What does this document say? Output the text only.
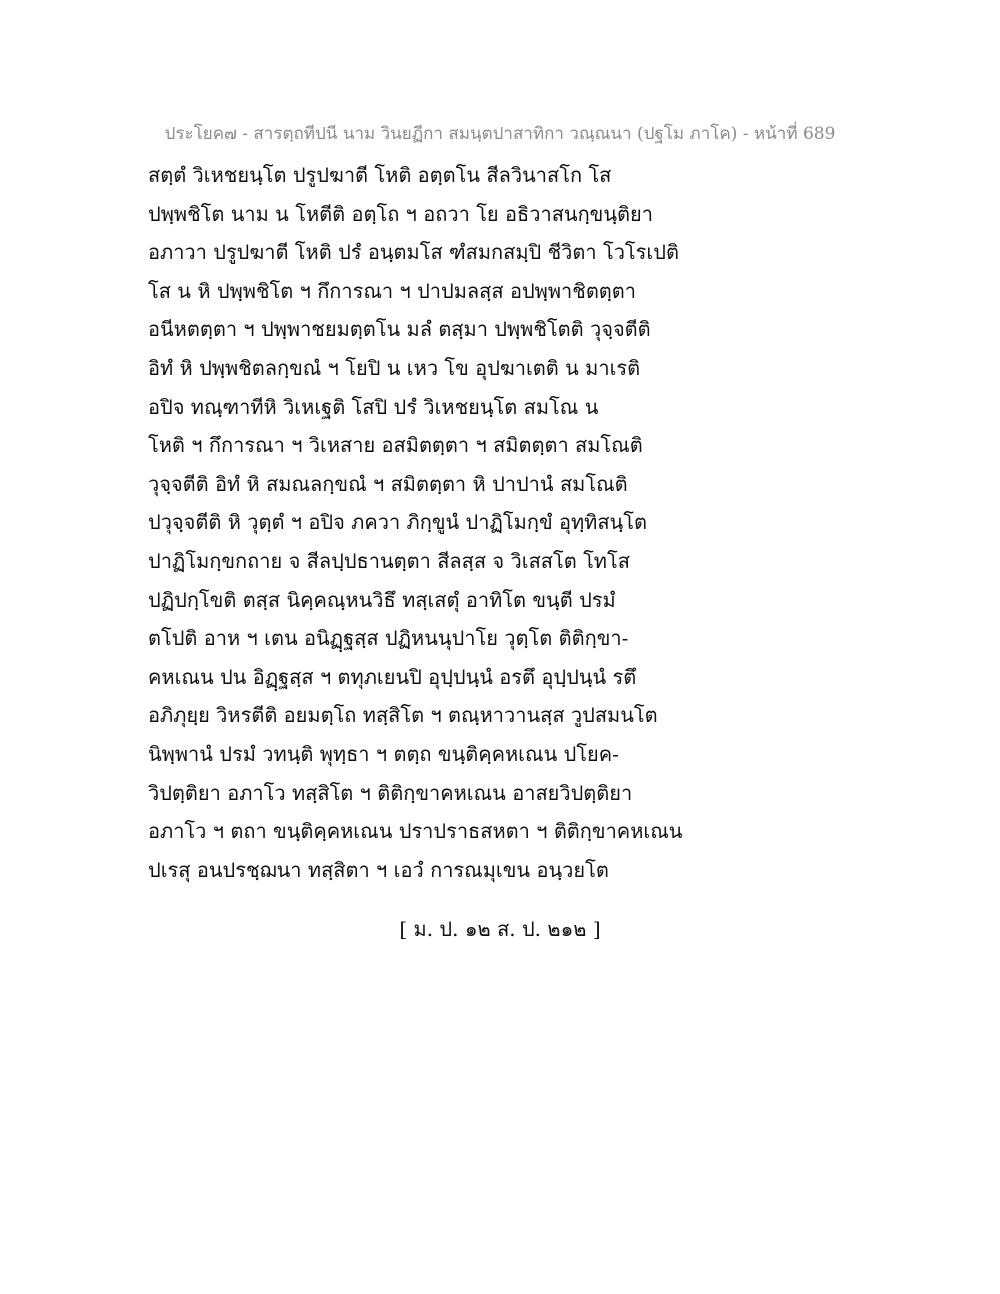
ประโยค๗ - สารตฺถทีปนี นาม วินยฏีกา สมนฺตปาสาทิกา วณฺณนา (ปฐโม ภาโค) - หน้าที่ 689
สตฺตํ วิเหชยนฺโต ปรูปฆาตี โหติ อตฺตโน สีลวินาสโก โส
ปพฺพชิโต นาม น โหตีติ อตฺโถ ฯ อถวา โย อธิวาสนกฺขนฺติยา
อภาวา ปรูปฆาตี โหติ ปรํ อนฺตมโส ฑํสมกสมฺปิ ชีวิตา โวโรเปติ
โส น หิ ปพฺพชิโต ฯ กึการณา ฯ ปาปมลสฺส อปพฺพาชิตตฺตา
อนีหตตฺตา ฯ ปพฺพาชยมตฺตโน มลํ ตสฺมา ปพฺพชิโตติ วุจฺจตีติ
อิทํ หิ ปพฺพชิตลกฺขณํ ฯ โยปิ น เหว โข อุปฆาเตติ น มาเรติ
อปิจ ทณฺฑาทีหิ วิเหเฐติ โสปิ ปรํ วิเหชยนฺโต สมโณ น
โหติ ฯ กึการณา ฯ วิเหสาย อสมิตตฺตา ฯ สมิตตฺตา สมโณติ
วุจฺจตีติ อิทํ หิ สมณลกฺขณํ ฯ สมิตตฺตา หิ ปาปานํ สมโณติ
ปวุจฺจตีติ หิ วุตฺตํ ฯ อปิจ ภควา ภิกฺขูนํ ปาฏิโมกฺขํ อุทฺทิสนฺโต
ปาฏิโมกฺขกถาย จ สีลปฺปธานตฺตา สีลสฺส จ วิเสสโต โทโส
ปฏิปกฺโขติ ตสฺส นิคฺคณฺหนวิธึ ทสฺเสตุํ อาทิโต ขนฺตี ปรมํ
ตโปติ อาห ฯ เตน อนิฏฺฐสฺส ปฏิหนนุปาโย วุตฺโต ติติกฺขา-
คหเณน ปน อิฏฺฐสฺส ฯ ตทุภเยนปิ อุปฺปนฺนํ อรตึ อุปฺปนฺนํ รตึ
อภิภุยฺย วิหรตีติ อยมตฺโถ ทสฺสิโต ฯ ตณฺหาวานสฺส วูปสมนโต
นิพฺพานํ ปรมํ วทนฺติ พุทฺธา ฯ ตตฺถ ขนฺติคฺคหเณน ปโยค-
วิปตฺติยา อภาโว ทสฺสิโต ฯ ติติกฺขาคหเณน อาสยวิปตฺติยา
อภาโว ฯ ตถา ขนฺติคฺคหเณน ปราปราธสหตา ฯ ติติกฺขาคหเณน
ปเรสุ อนปรชฺฌนา ทสฺสิตา ฯ เอวํ การณมุเขน อนฺวยโต
[ ม. ป. ๑๒ ส. ป. ๒๑๒ ]
